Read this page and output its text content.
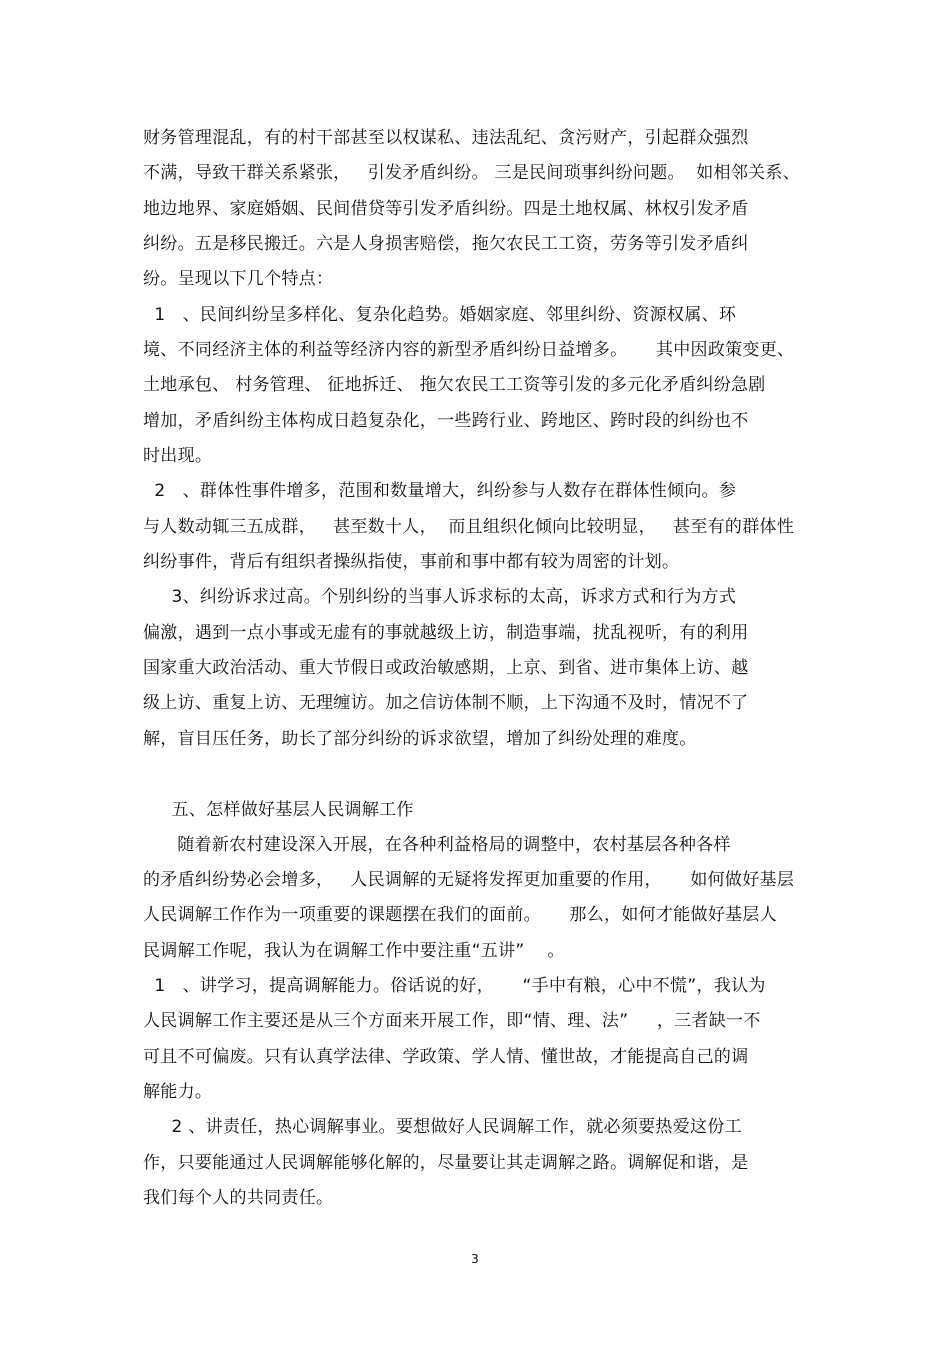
财务管理混乱，有的村干部甚至以权谋私、违法乱纪、贪污财产，引起群众强烈
不满，导致干群关系紧张，   引发矛盾纠纷。 三是民间琐事纠纷问题。  如相邻关系、
地边地界、家庭婚姻、民间借贷等引发矛盾纠纷。四是土地权属、林权引发矛盾
纠纷。五是移民搬迁。六是人身损害赔偿，拖欠农民工工资，劳务等引发矛盾纠
纷。呈现以下几个特点：
1   、民间纠纷呈多样化、复杂化趋势。婚姻家庭、邻里纠纷、资源权属、环
境、不同经济主体的利益等经济内容的新型矛盾纠纷日益增多。     其中因政策变更、
土地承包、 村务管理、 征地拆迁、 拖欠农民工工资等引发的多元化矛盾纠纷急剧
增加，矛盾纠纷主体构成日趋复杂化，一些跨行业、跨地区、跨时段的纠纷也不
时出现。
2   、群体性事件增多，范围和数量增大，纠纷参与人数存在群体性倾向。参
与人数动辄三五成群，   甚至数十人，  而且组织化倾向比较明显，   甚至有的群体性
纠纷事件，背后有组织者操纵指使，事前和事中都有较为周密的计划。
3、纠纷诉求过高。个别纠纷的当事人诉求标的太高，诉求方式和行为方式
偏激，遇到一点小事或无虚有的事就越级上访，制造事端，扰乱视听，有的利用
国家重大政治活动、重大节假日或政治敏感期，上京、到省、进市集体上访、越
级上访、重复上访、无理缠访。加之信访体制不顺，上下沟通不及时，情况不了
解，盲目压任务，助长了部分纠纷的诉求欲望，增加了纠纷处理的难度。
五、怎样做好基层人民调解工作
随着新农村建设深入开展，在各种利益格局的调整中，农村基层各种各样
的矛盾纠纷势必会增多，   人民调解的无疑将发挥更加重要的作用，     如何做好基层
人民调解工作作为一项重要的课题摆在我们的面前。     那么，如何才能做好基层人
民调解工作呢，我认为在调解工作中要注重“五讲”    。
1   、讲学习，提高调解能力。俗话说的好，     “手中有粮，心中不慌”，我认为
人民调解工作主要还是从三个方面来开展工作，即“情、理、法”     ，三者缺一不
可且不可偏废。只有认真学法律、学政策、学人情、懂世故，才能提高自己的调
解能力。
2 、讲责任，热心调解事业。要想做好人民调解工作，就必须要热爱这份工
作，只要能通过人民调解能够化解的，尽量要让其走调解之路。调解促和谐，是
我们每个人的共同责任。
3
